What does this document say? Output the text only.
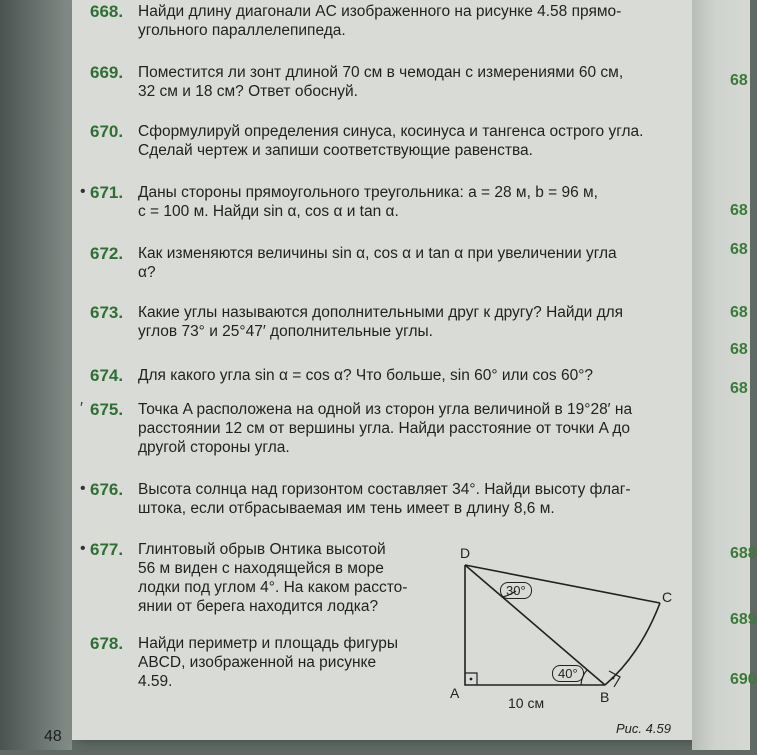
48
68
68
68
68
68
68
688
689
690
668. Найди длину диагонали AC изображенного на рисунке 4.58 прямо-
угольного параллелепипеда.
669. Поместится ли зонт длиной 70 см в чемодан с измерениями 60 см,
32 см и 18 см? Ответ обоснуй.
670. Сформулируй определения синуса, косинуса и тангенса острого угла.
Сделай чертеж и запиши соответствующие равенства.
• 671. Даны стороны прямоугольного треугольника: a = 28 м, b = 96 м,
c = 100 м. Найди sin α, cos α и tan α.
672. Как изменяются величины sin α, cos α и tan α при увеличении угла
α?
673. Какие углы называются дополнительными друг к другу? Найди для
углов 73° и 25°47′ дополнительные углы.
674. Для какого угла sin α = cos α? Что больше, sin 60° или cos 60°?
′ 675. Точка A расположена на одной из сторон угла величиной в 19°28′ на
расстоянии 12 см от вершины угла. Найди расстояние от точки A до
другой стороны угла.
• 676. Высота солнца над горизонтом составляет 34°. Найди высоту флаг-
штока, если отбрасываемая им тень имеет в длину 8,6 м.
• 677. Глинтовый обрыв Онтика высотой
56 м виден с находящейся в море
лодки под углом 4°. На каком рассто-
янии от берега находится лодка?
678. Найди периметр и площадь фигуры
ABCD, изображенной на рисунке
4.59.
D
C
A	B
30°
40°
10 см
Рис. 4.59
